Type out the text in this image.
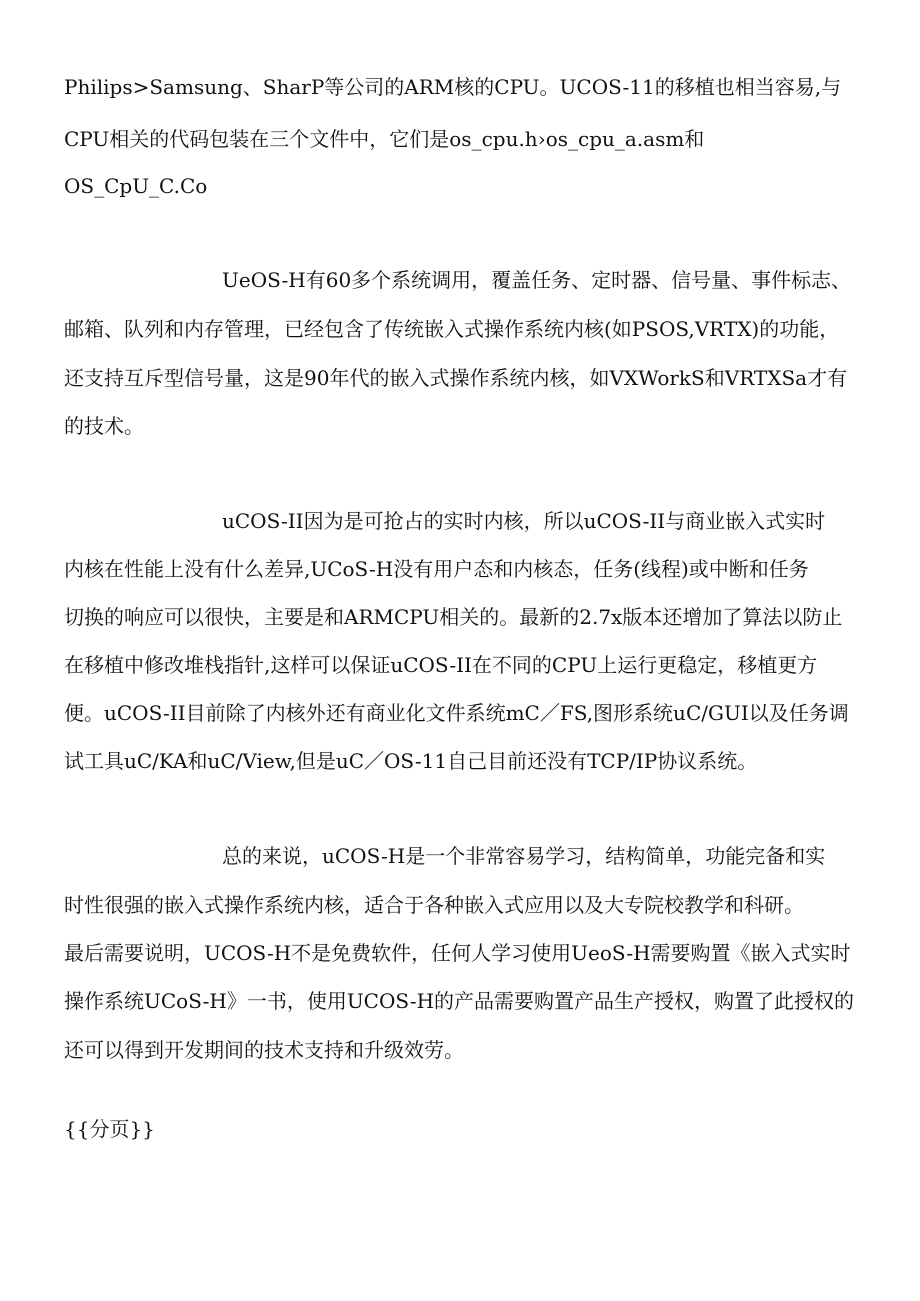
Philips>Samsung、SharP等公司的ARM核的CPU。UCOS-11的移植也相当容易,与
CPU相关的代码包装在三个文件中，它们是os_cpu.h›os_cpu_a.asm和
OS_CpU_C.Co
UeOS-H有60多个系统调用，覆盖任务、定时器、信号量、事件标志、
邮箱、队列和内存管理，已经包含了传统嵌入式操作系统内核(如PSOS,VRTX)的功能，
还支持互斥型信号量，这是90年代的嵌入式操作系统内核，如VXWorkS和VRTXSa才有
的技术。
uCOS-II因为是可抢占的实时内核，所以uCOS-II与商业嵌入式实时
内核在性能上没有什么差异,UCoS-H没有用户态和内核态，任务(线程)或中断和任务
切换的响应可以很快，主要是和ARMCPU相关的。最新的2.7x版本还增加了算法以防止
在移植中修改堆栈指针,这样可以保证uCOS-II在不同的CPU上运行更稳定，移植更方
便。uCOS-II目前除了内核外还有商业化文件系统mC／FS,图形系统uC/GUI以及任务调
试工具uC/KA和uC/View,但是uC／OS-11自己目前还没有TCP/IP协议系统。
总的来说，uCOS-H是一个非常容易学习，结构简单，功能完备和实
时性很强的嵌入式操作系统内核，适合于各种嵌入式应用以及大专院校教学和科研。
最后需要说明，UCOS-H不是免费软件，任何人学习使用UeoS-H需要购置《嵌入式实时
操作系统UCoS-H》一书，使用UCOS-H的产品需要购置产品生产授权，购置了此授权的
还可以得到开发期间的技术支持和升级效劳。
{{分页}}
